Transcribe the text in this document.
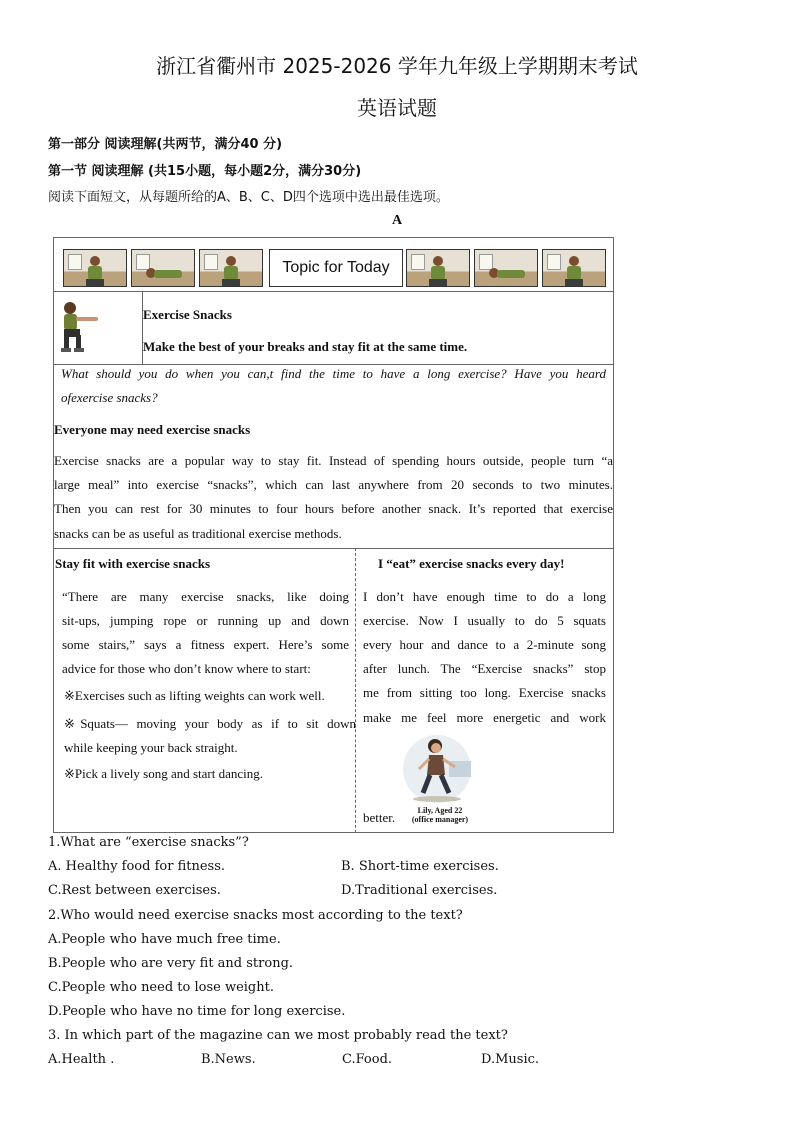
浙江省衢州市 2025-2026 学年九年级上学期期末考试
英语试题
第一部分 阅读理解(共两节，满分40 分)
第一节 阅读理解 (共15小题，每小题2分，满分30分)
阅读下面短文，从每题所给的A、B、C、D四个选项中选出最佳选项。
A
Topic for Today
Exercise Snacks
Make the best of your breaks and stay fit at the same time.
What should you do when you can,t find the time to have a long exercise? Have you heard
ofexercise snacks?
Everyone may need exercise snacks
Exercise snacks are a popular way to stay fit. Instead of spending hours outside, people turn “a
large meal” into exercise “snacks”, which can last anywhere from 20 seconds to two minutes.
Then you can rest for 30 minutes to four hours before another snack. It’s reported that exercise
snacks can be as useful as traditional exercise methods.
Stay fit with exercise snacks
“There are many exercise snacks, like doing
sit-ups, jumping rope or running up and down
some stairs,” says a fitness expert. Here’s some
advice for those who don’t know where to start:
※Exercises such as lifting weights can work well.
※Squats— moving your body as if to sit down
while keeping your back straight.
※Pick a lively song and start dancing.
I “eat” exercise snacks every day!
I don’t have enough time to do a long
exercise. Now I usually to do 5 squats
every hour and dance to a 2-minute song
after lunch. The “Exercise snacks” stop
me from sitting too long. Exercise snacks
make me feel more energetic and work
Lily, Aged 22
(office manager)
better.
1.What are “exercise snacks”?
A. Healthy food for fitness.	B. Short-time exercises.
C.Rest between exercises.	D.Traditional exercises.
2.Who would need exercise snacks most according to the text?
A.People who have much free time.
B.People who are very fit and strong.
C.People who need to lose weight.
D.People who have no time for long exercise.
3. In which part of the magazine can we most probably read the text?
A.Health .	B.News.	C.Food.	D.Music.
